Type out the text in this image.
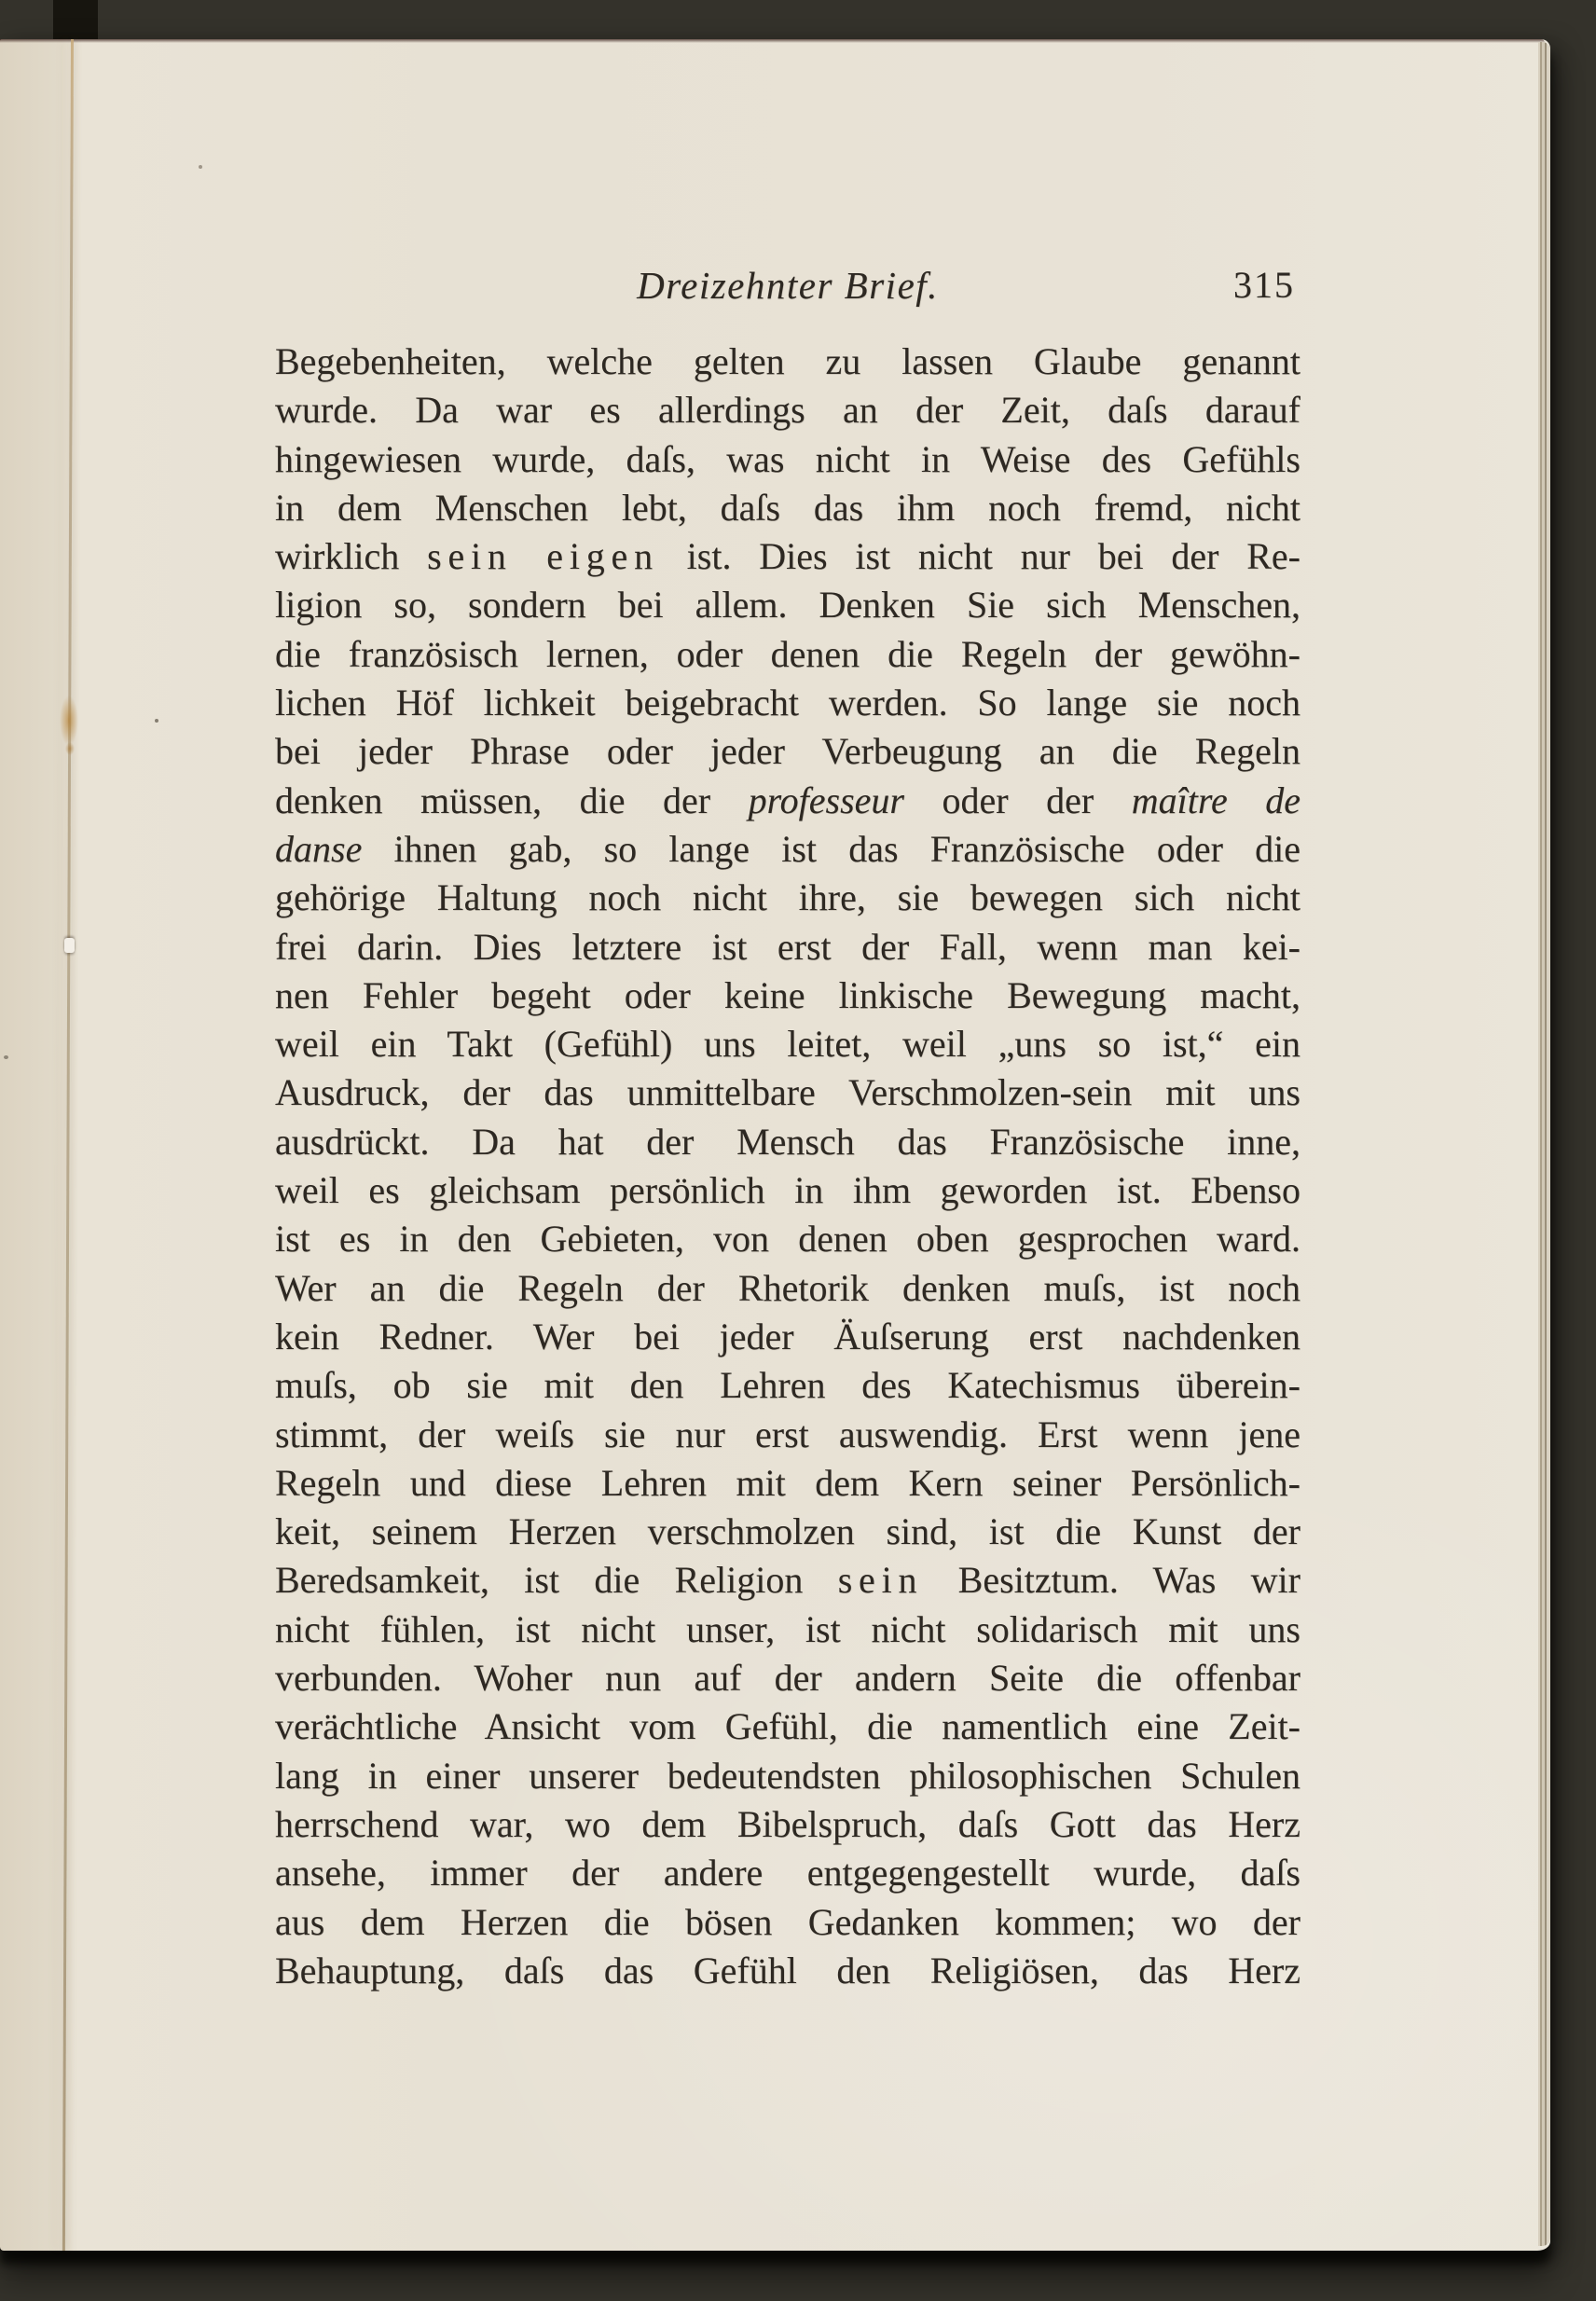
Dreizehnter Brief.	315
Begebenheiten, welche gelten zu lassen Glaube genannt
wurde. Da war es allerdings an der Zeit, daſs darauf
hingewiesen wurde, daſs, was nicht in Weise des Gefühls
in dem Menschen lebt, daſs das ihm noch fremd, nicht
wirklich sein eigen ist. Dies ist nicht nur bei der Re-
ligion so, sondern bei allem. Denken Sie sich Menschen,
die französisch lernen, oder denen die Regeln der gewöhn-
lichen Höf lichkeit beigebracht werden. So lange sie noch
bei jeder Phrase oder jeder Verbeugung an die Regeln
denken müssen, die der professeur oder der maître de
danse ihnen gab, so lange ist das Französische oder die
gehörige Haltung noch nicht ihre, sie bewegen sich nicht
frei darin. Dies letztere ist erst der Fall, wenn man kei-
nen Fehler begeht oder keine linkische Bewegung macht,
weil ein Takt (Gefühl) uns leitet, weil „uns so ist,“ ein
Ausdruck, der das unmittelbare Verschmolzen-sein mit uns
ausdrückt. Da hat der Mensch das Französische inne,
weil es gleichsam persönlich in ihm geworden ist. Ebenso
ist es in den Gebieten, von denen oben gesprochen ward.
Wer an die Regeln der Rhetorik denken muſs, ist noch
kein Redner. Wer bei jeder Äuſserung erst nachdenken
muſs, ob sie mit den Lehren des Katechismus überein-
stimmt, der weiſs sie nur erst auswendig. Erst wenn jene
Regeln und diese Lehren mit dem Kern seiner Persönlich-
keit, seinem Herzen verschmolzen sind, ist die Kunst der
Beredsamkeit, ist die Religion sein Besitztum. Was wir
nicht fühlen, ist nicht unser, ist nicht solidarisch mit uns
verbunden. Woher nun auf der andern Seite die offenbar
verächtliche Ansicht vom Gefühl, die namentlich eine Zeit-
lang in einer unserer bedeutendsten philosophischen Schulen
herrschend war, wo dem Bibelspruch, daſs Gott das Herz
ansehe, immer der andere entgegengestellt wurde, daſs
aus dem Herzen die bösen Gedanken kommen; wo der
Behauptung, daſs das Gefühl den Religiösen, das Herz
